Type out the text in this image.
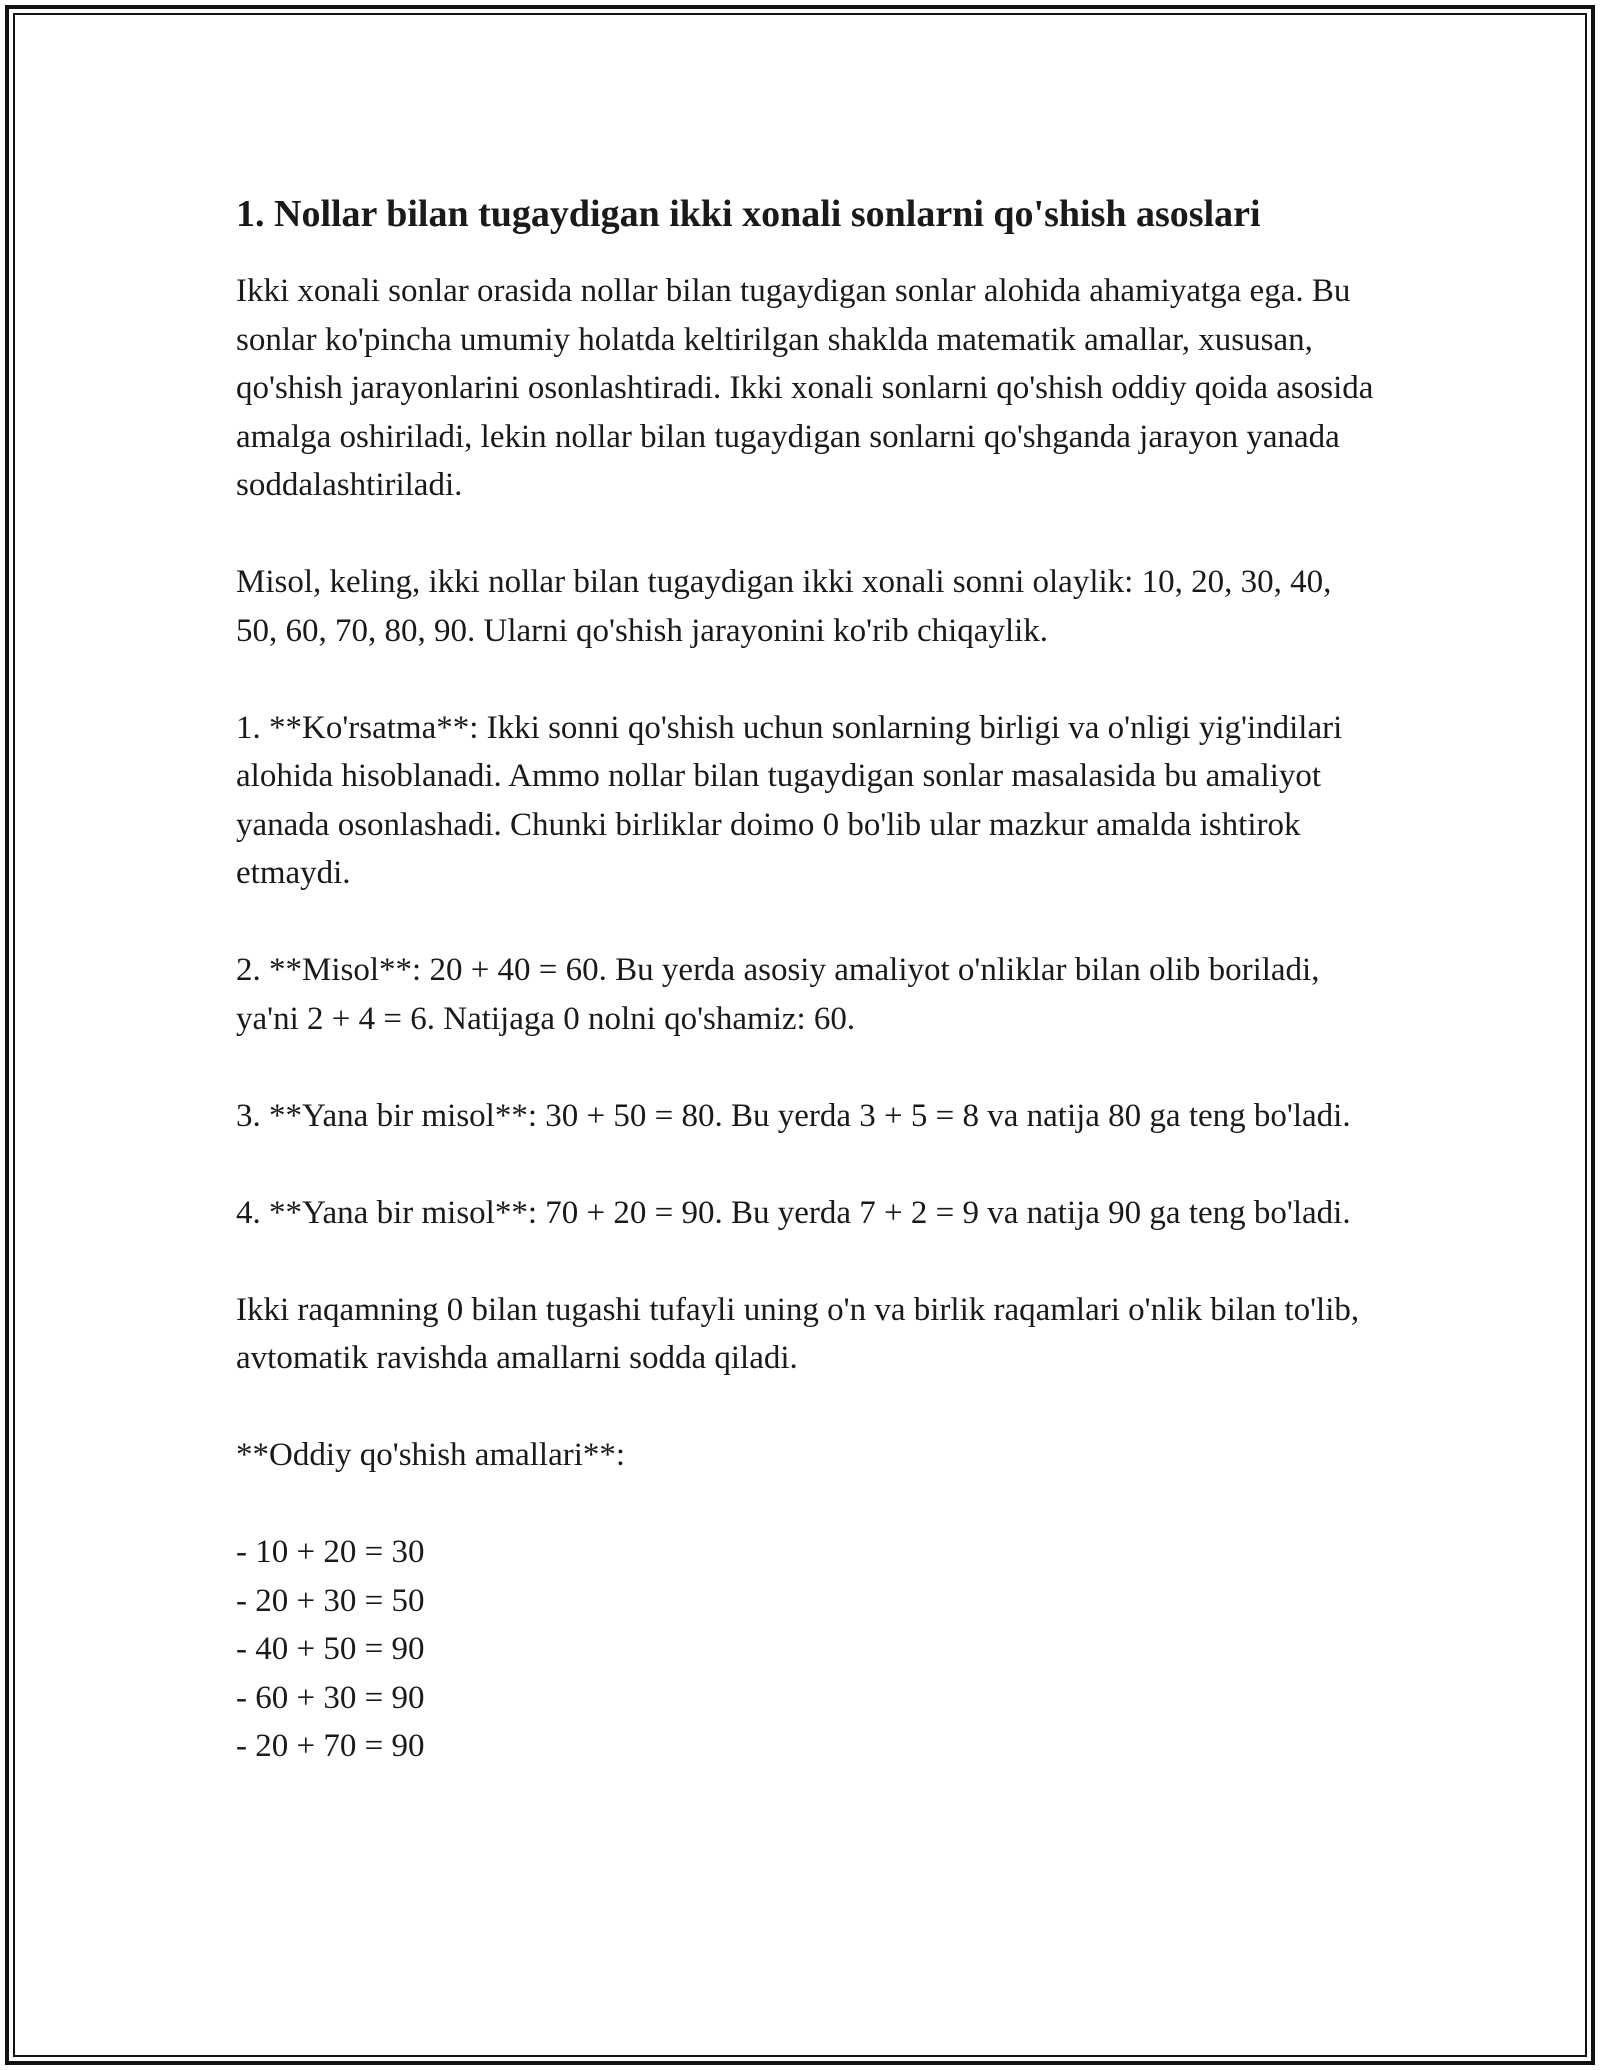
1. Nollar bilan tugaydigan ikki xonali sonlarni qo'shish asoslari

Ikki xonali sonlar orasida nollar bilan tugaydigan sonlar alohida ahamiyatga ega. Bu sonlar ko'pincha umumiy holatda keltirilgan shaklda matematik amallar, xususan, qo'shish jarayonlarini osonlashtiradi. Ikki xonali sonlarni qo'shish oddiy qoida asosida amalga oshiriladi, lekin nollar bilan tugaydigan sonlarni qo'shganda jarayon yanada soddalashtiriladi.

Misol, keling, ikki nollar bilan tugaydigan ikki xonali sonni olaylik: 10, 20, 30, 40, 50, 60, 70, 80, 90. Ularni qo'shish jarayonini ko'rib chiqaylik.

1. **Ko'rsatma**: Ikki sonni qo'shish uchun sonlarning birligi va o'nligi yig'indilari alohida hisoblanadi. Ammo nollar bilan tugaydigan sonlar masalasida bu amaliyot yanada osonlashadi. Chunki birliklar doimo 0 bo'lib ular mazkur amalda ishtirok etmaydi.

2. **Misol**: 20 + 40 = 60. Bu yerda asosiy amaliyot o'nliklar bilan olib boriladi, ya'ni 2 + 4 = 6. Natijaga 0 nolni qo'shamiz: 60.

3. **Yana bir misol**: 30 + 50 = 80. Bu yerda 3 + 5 = 8 va natija 80 ga teng bo'ladi.

4. **Yana bir misol**: 70 + 20 = 90. Bu yerda 7 + 2 = 9 va natija 90 ga teng bo'ladi.

Ikki raqamning 0 bilan tugashi tufayli uning o'n va birlik raqamlari o'nlik bilan to'lib, avtomatik ravishda amallarni sodda qiladi.

**Oddiy qo'shish amallari**:

- 10 + 20 = 30

- 20 + 30 = 50

- 40 + 50 = 90

- 60 + 30 = 90

- 20 + 70 = 90
